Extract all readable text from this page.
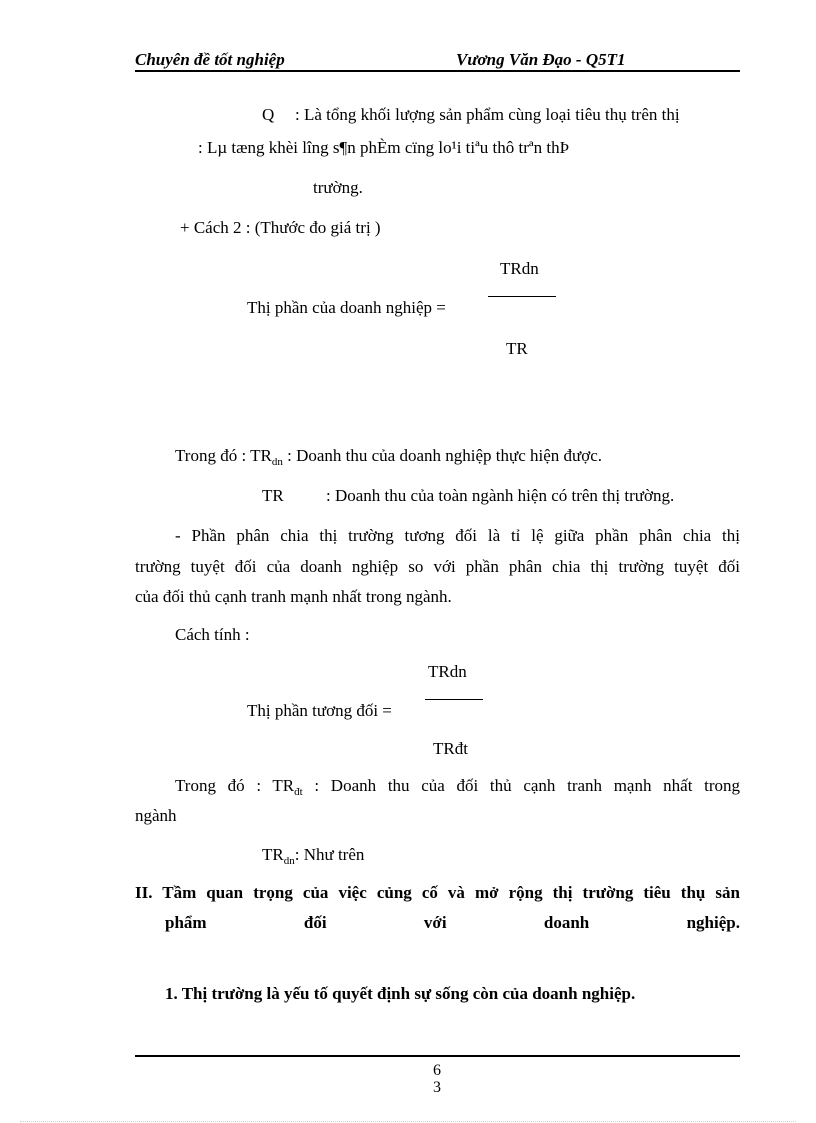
Chuyên đề tốt nghiệp	Vương Văn Đạo - Q5T1
Q : Là tổng khối lượng sản phẩm cùng loại tiêu thụ trên thị
: Lµ tæng khèi lîng s¶n phÈm cïng lo¹i tiªu thô trªn thÞ
trường.
+ Cách 2 : (Thước đo giá trị )
TRdn
Thị phần của doanh nghiệp =
TR
Trong đó : $TR_{dn}$ : Doanh thu của doanh nghiệp thực hiện được.
TR : Doanh thu của toàn ngành hiện có trên thị trường.
- Phần phân chia thị trường tương đối là tỉ lệ giữa phần phân chia thị
trường tuyệt đối của doanh nghiệp so với phần phân chia thị trường tuyệt đối
của đối thủ cạnh tranh mạnh nhất trong ngành.
Cách tính :
TRdn
Thị phần tương đối =
TRđt
Trong đó : $TR_{đt}$ : Doanh thu của đối thủ cạnh tranh mạnh nhất trong
ngành
$TR_{dn}$: Như trên
II. Tầm quan trọng của việc củng cố và mở rộng thị trường tiêu thụ sản
phẩm	đối	với	doanh	nghiệp.
1. Thị trường là yếu tố quyết định sự sống còn của doanh nghiệp.
6
3
